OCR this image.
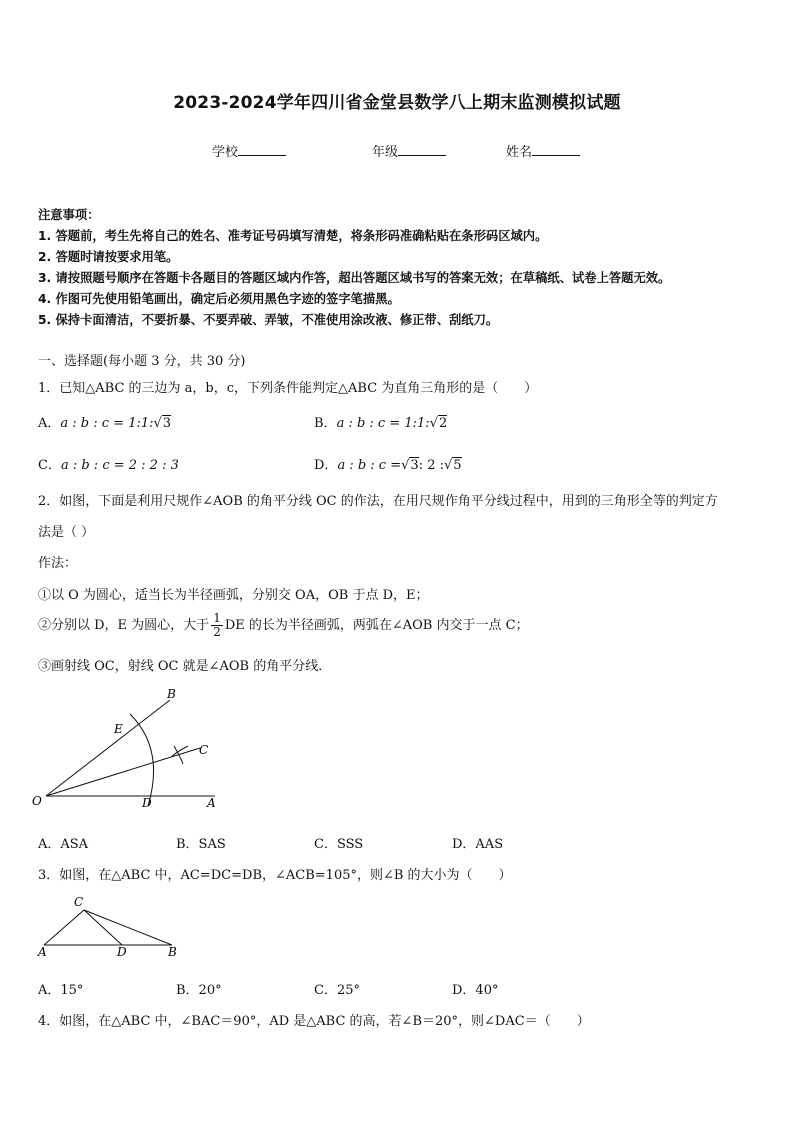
2023-2024学年四川省金堂县数学八上期末监测模拟试题
学校	年级	姓名
注意事项：
1. 答题前，考生先将自己的姓名、准考证号码填写清楚，将条形码准确粘贴在条形码区域内。
2. 答题时请按要求用笔。
3. 请按照题号顺序在答题卡各题目的答题区域内作答，超出答题区域书写的答案无效；在草稿纸、试卷上答题无效。
4. 作图可先使用铅笔画出，确定后必须用黑色字迹的签字笔描黑。
5. 保持卡面清洁，不要折暴、不要弄破、弄皱，不准使用涂改液、修正带、刮纸刀。
一、选择题(每小题 3 分，共 30 分)
1．已知△ABC 的三边为 a，b，c，下列条件能判定△ABC 为直角三角形的是（　　）
A．a : b : c = 1:1:√3	B．a : b : c = 1:1:√2
C．a : b : c = 2 : 2 : 3	D．a : b : c =√3: 2 :√5
2．如图，下面是利用尺规作∠AOB 的角平分线 OC 的作法，在用尺规作角平分线过程中，用到的三角形全等的判定方
法是（ ）
作法：
①以 O 为圆心，适当长为半径画弧，分别交 OA，OB 于点 D，E；
②分别以 D，E 为圆心，大于 $\frac{1}{2}$ DE 的长为半径画弧，两弧在∠AOB 内交于一点 C；
③画射线 OC，射线 OC 就是∠AOB 的角平分线．
O	A
B
C
D
E
A．ASA	B．SAS	C．SSS	D．AAS
3．如图，在△ABC 中，AC=DC=DB，∠ACB=105°，则∠B 的大小为（　　）
A	B
C
D
A．15°	B．20°	C．25°	D．40°
4．如图，在△ABC 中，∠BAC＝90°，AD 是△ABC 的高，若∠B＝20°，则∠DAC＝（　　）
